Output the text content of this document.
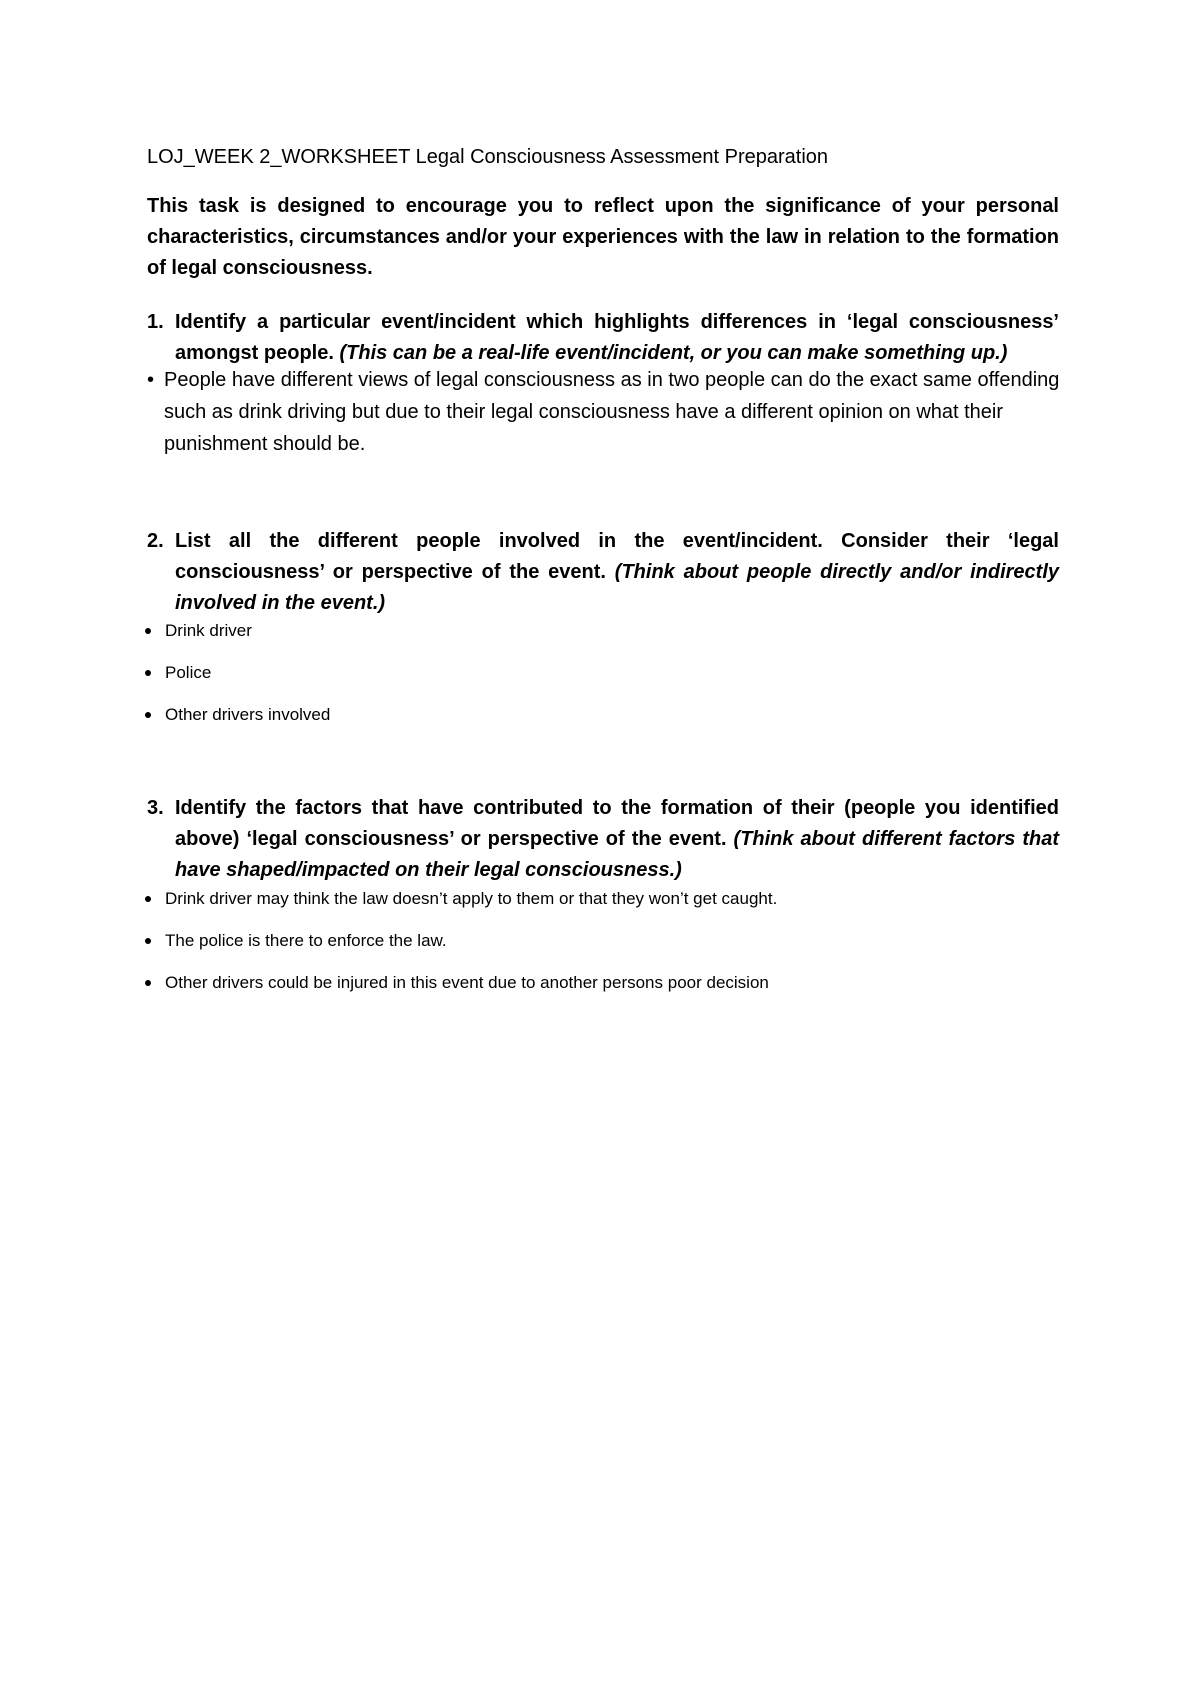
LOJ_WEEK 2_WORKSHEET Legal Consciousness Assessment Preparation
This task is designed to encourage you to reflect upon the significance of your personal characteristics, circumstances and/or your experiences with the law in relation to the formation of legal consciousness.
1. Identify a particular event/incident which highlights differences in ‘legal consciousness’ amongst people. (This can be a real-life event/incident, or you can make something up.)
• People have different views of legal consciousness as in two people can do the exact same offending such as drink driving but due to their legal consciousness have a different opinion on what their punishment should be.
2. List all the different people involved in the event/incident. Consider their ‘legal consciousness’ or perspective of the event. (Think about people directly and/or indirectly involved in the event.)
Drink driver
Police
Other drivers involved
3. Identify the factors that have contributed to the formation of their (people you identified above) ‘legal consciousness’ or perspective of the event. (Think about different factors that have shaped/impacted on their legal consciousness.)
Drink driver may think the law doesn’t apply to them or that they won’t get caught.
The police is there to enforce the law.
Other drivers could be injured in this event due to another persons poor decision
